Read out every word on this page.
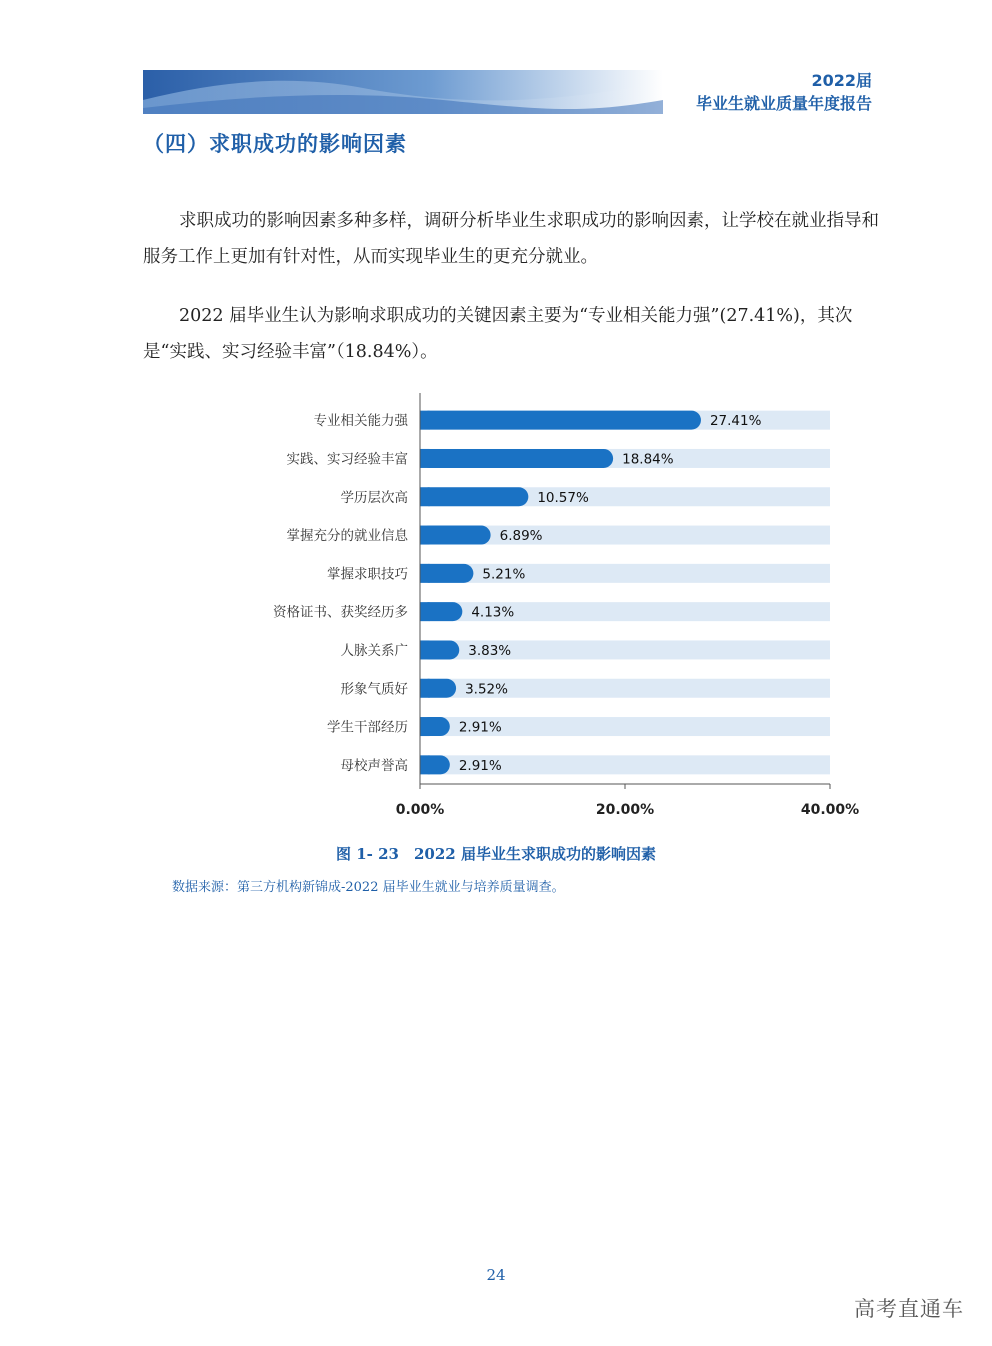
2022届
毕业生就业质量年度报告
（四）求职成功的影响因素

求职成功的影响因素多种多样，调研分析毕业生求职成功的影响因素，让学校在就业指导和服务工作上更加有针对性，从而实现毕业生的更充分就业。

2022 届毕业生认为影响求职成功的关键因素主要为“专业相关能力强”(27.41%)，其次是“实践、实习经验丰富”（18.84%）。

专业相关能力强	27.41%
实践、实习经验丰富	18.84%
学历层次高	10.57%
掌握充分的就业信息	6.89%
掌握求职技巧	5.21%
资格证书、获奖经历多	4.13%
人脉关系广	3.83%
形象气质好	3.52%
学生干部经历	2.91%
母校声誉高	2.91%
0.00%	20.00%	40.00%
图 1- 23　2022 届毕业生求职成功的影响因素
数据来源：第三方机构新锦成-2022 届毕业生就业与培养质量调查。
24
高考直通车
